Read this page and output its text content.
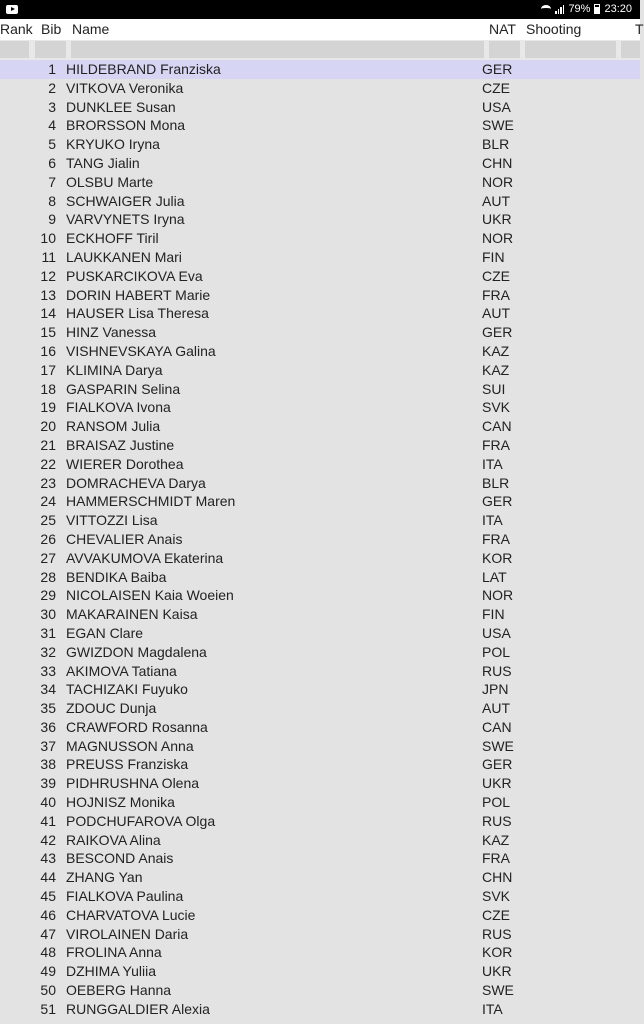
79% 23:20
Rank Bib Name	NAT Shooting	T
1 HILDEBRAND Franziska	GER
2 VITKOVA Veronika	CZE
3 DUNKLEE Susan	USA
4 BRORSSON Mona	SWE
5 KRYUKO Iryna	BLR
6 TANG Jialin	CHN
7 OLSBU Marte	NOR
8 SCHWAIGER Julia	AUT
9 VARVYNETS Iryna	UKR
10 ECKHOFF Tiril	NOR
11 LAUKKANEN Mari	FIN
12 PUSKARCIKOVA Eva	CZE
13 DORIN HABERT Marie	FRA
14 HAUSER Lisa Theresa	AUT
15 HINZ Vanessa	GER
16 VISHNEVSKAYA Galina	KAZ
17 KLIMINA Darya	KAZ
18 GASPARIN Selina	SUI
19 FIALKOVA Ivona	SVK
20 RANSOM Julia	CAN
21 BRAISAZ Justine	FRA
22 WIERER Dorothea	ITA
23 DOMRACHEVA Darya	BLR
24 HAMMERSCHMIDT Maren	GER
25 VITTOZZI Lisa	ITA
26 CHEVALIER Anais	FRA
27 AVVAKUMOVA Ekaterina	KOR
28 BENDIKA Baiba	LAT
29 NICOLAISEN Kaia Woeien	NOR
30 MAKARAINEN Kaisa	FIN
31 EGAN Clare	USA
32 GWIZDON Magdalena	POL
33 AKIMOVA Tatiana	RUS
34 TACHIZAKI Fuyuko	JPN
35 ZDOUC Dunja	AUT
36 CRAWFORD Rosanna	CAN
37 MAGNUSSON Anna	SWE
38 PREUSS Franziska	GER
39 PIDHRUSHNA Olena	UKR
40 HOJNISZ Monika	POL
41 PODCHUFAROVA Olga	RUS
42 RAIKOVA Alina	KAZ
43 BESCOND Anais	FRA
44 ZHANG Yan	CHN
45 FIALKOVA Paulina	SVK
46 CHARVATOVA Lucie	CZE
47 VIROLAINEN Daria	RUS
48 FROLINA Anna	KOR
49 DZHIMA Yuliia	UKR
50 OEBERG Hanna	SWE
51 RUNGGALDIER Alexia	ITA
